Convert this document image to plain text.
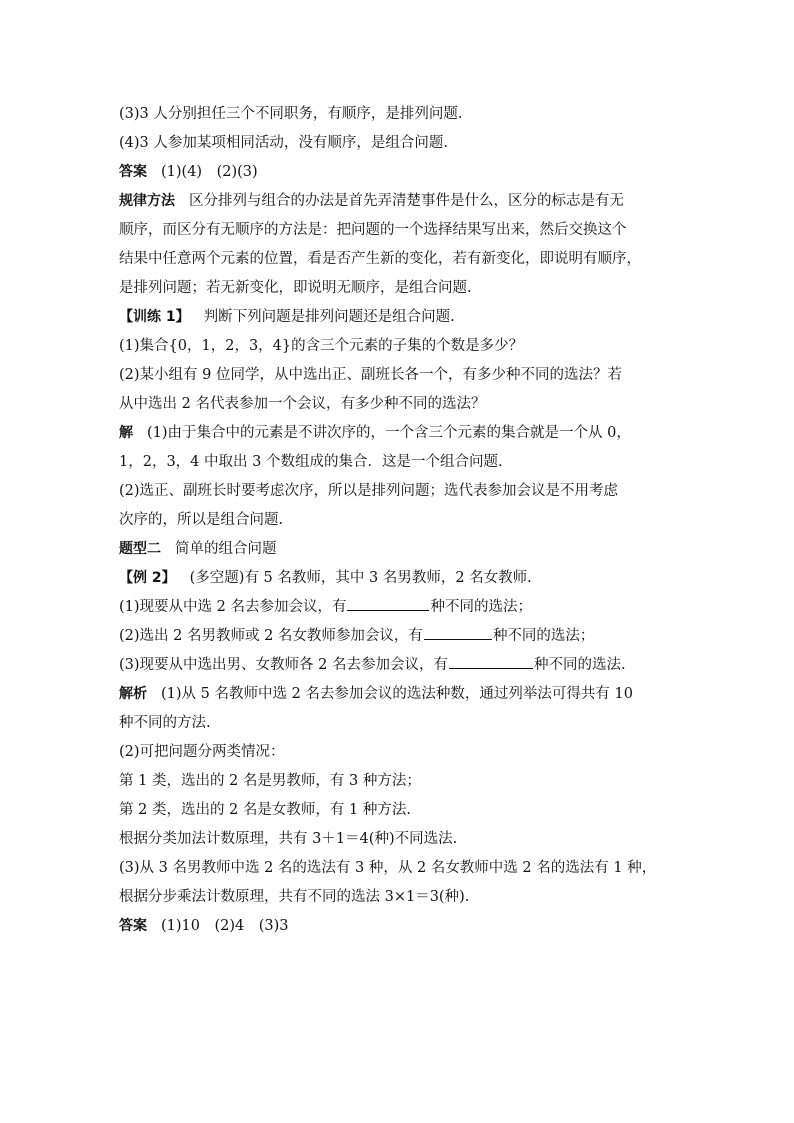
(3)3 人分别担任三个不同职务，有顺序，是排列问题.
(4)3 人参加某项相同活动，没有顺序，是组合问题.
答案 (1)(4)　(2)(3)
规律方法 区分排列与组合的办法是首先弄清楚事件是什么，区分的标志是有无
顺序，而区分有无顺序的方法是：把问题的一个选择结果写出来，然后交换这个
结果中任意两个元素的位置，看是否产生新的变化，若有新变化，即说明有顺序，
是排列问题；若无新变化，即说明无顺序，是组合问题.
【训练 1】 判断下列问题是排列问题还是组合问题.
(1)集合{0，1，2，3，4}的含三个元素的子集的个数是多少？
(2)某小组有 9 位同学，从中选出正、副班长各一个，有多少种不同的选法？若
从中选出 2 名代表参加一个会议，有多少种不同的选法？
解 (1)由于集合中的元素是不讲次序的，一个含三个元素的集合就是一个从 0，
1，2，3，4 中取出 3 个数组成的集合．这是一个组合问题.
(2)选正、副班长时要考虑次序，所以是排列问题；选代表参加会议是不用考虑
次序的，所以是组合问题.
题型二 简单的组合问题
【例 2】 (多空题)有 5 名教师，其中 3 名男教师，2 名女教师.
(1)现要从中选 2 名去参加会议，有	种不同的选法；
(2)选出 2 名男教师或 2 名女教师参加会议，有	种不同的选法；
(3)现要从中选出男、女教师各 2 名去参加会议，有	种不同的选法.
解析 (1)从 5 名教师中选 2 名去参加会议的选法种数，通过列举法可得共有 10
种不同的方法.
(2)可把问题分两类情况：
第 1 类，选出的 2 名是男教师，有 3 种方法；
第 2 类，选出的 2 名是女教师，有 1 种方法.
根据分类加法计数原理，共有 3＋1＝4(种)不同选法.
(3)从 3 名男教师中选 2 名的选法有 3 种，从 2 名女教师中选 2 名的选法有 1 种，
根据分步乘法计数原理，共有不同的选法 3×1＝3(种).
答案 (1)10　(2)4　(3)3
